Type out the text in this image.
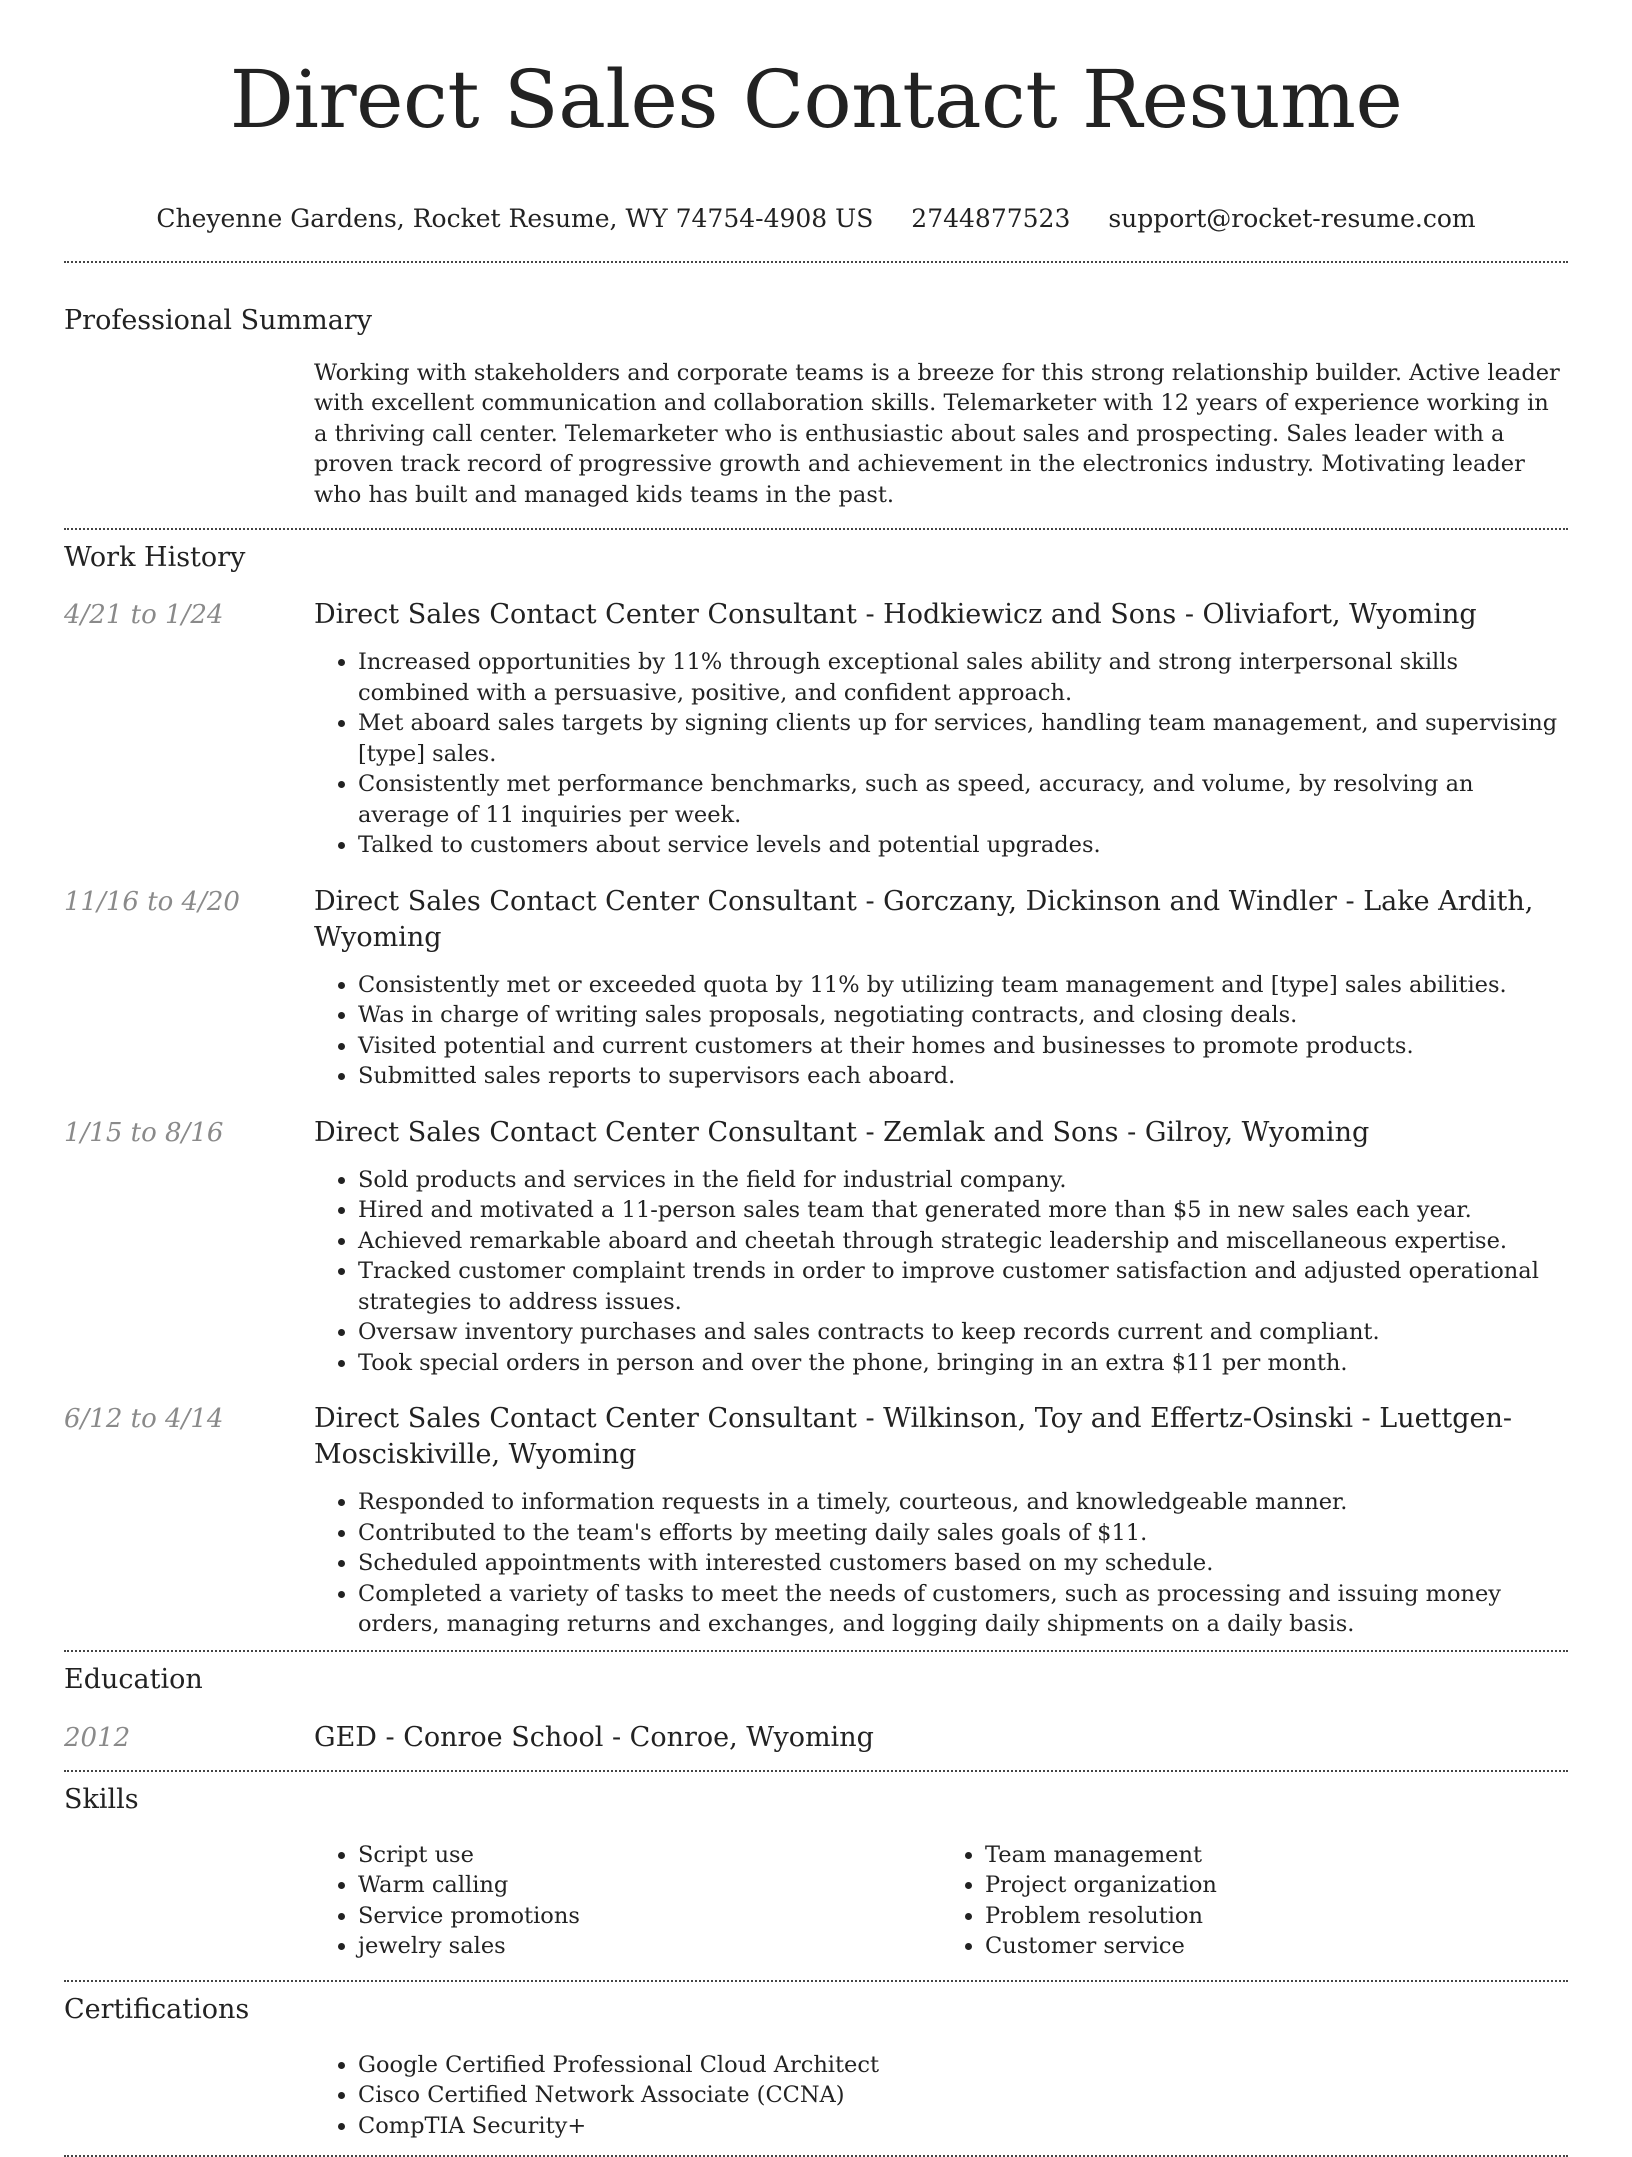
Direct Sales Contact Resume
Cheyenne Gardens, Rocket Resume, WY 74754-4908 US 2744877523 support@rocket-resume.com
Professional Summary
Working with stakeholders and corporate teams is a breeze for this strong relationship builder. Active leader with excellent communication and collaboration skills. Telemarketer with 12 years of experience working in a thriving call center. Telemarketer who is enthusiastic about sales and prospecting. Sales leader with a proven track record of progressive growth and achievement in the electronics industry. Motivating leader who has built and managed kids teams in the past.
Work History
4/21 to 1/24	Direct Sales Contact Center Consultant - Hodkiewicz and Sons - Oliviafort, Wyoming
• Increased opportunities by 11% through exceptional sales ability and strong interpersonal skills combined with a persuasive, positive, and confident approach.
• Met aboard sales targets by signing clients up for services, handling team management, and supervising [type] sales.
• Consistently met performance benchmarks, such as speed, accuracy, and volume, by resolving an average of 11 inquiries per week.
• Talked to customers about service levels and potential upgrades.
11/16 to 4/20	Direct Sales Contact Center Consultant - Gorczany, Dickinson and Windler - Lake Ardith, Wyoming
• Consistently met or exceeded quota by 11% by utilizing team management and [type] sales abilities.
• Was in charge of writing sales proposals, negotiating contracts, and closing deals.
• Visited potential and current customers at their homes and businesses to promote products.
• Submitted sales reports to supervisors each aboard.
1/15 to 8/16	Direct Sales Contact Center Consultant - Zemlak and Sons - Gilroy, Wyoming
• Sold products and services in the field for industrial company.
• Hired and motivated a 11-person sales team that generated more than $5 in new sales each year.
• Achieved remarkable aboard and cheetah through strategic leadership and miscellaneous expertise.
• Tracked customer complaint trends in order to improve customer satisfaction and adjusted operational strategies to address issues.
• Oversaw inventory purchases and sales contracts to keep records current and compliant.
• Took special orders in person and over the phone, bringing in an extra $11 per month.
6/12 to 4/14	Direct Sales Contact Center Consultant - Wilkinson, Toy and Effertz-Osinski - Luettgen-Mosciskiville, Wyoming
• Responded to information requests in a timely, courteous, and knowledgeable manner.
• Contributed to the team's efforts by meeting daily sales goals of $11.
• Scheduled appointments with interested customers based on my schedule.
• Completed a variety of tasks to meet the needs of customers, such as processing and issuing money orders, managing returns and exchanges, and logging daily shipments on a daily basis.
Education
2012	GED - Conroe School - Conroe, Wyoming
Skills
• Script use
• Warm calling
• Service promotions
• jewelry sales
• Team management
• Project organization
• Problem resolution
• Customer service
Certifications
• Google Certified Professional Cloud Architect
• Cisco Certified Network Associate (CCNA)
• CompTIA Security+
